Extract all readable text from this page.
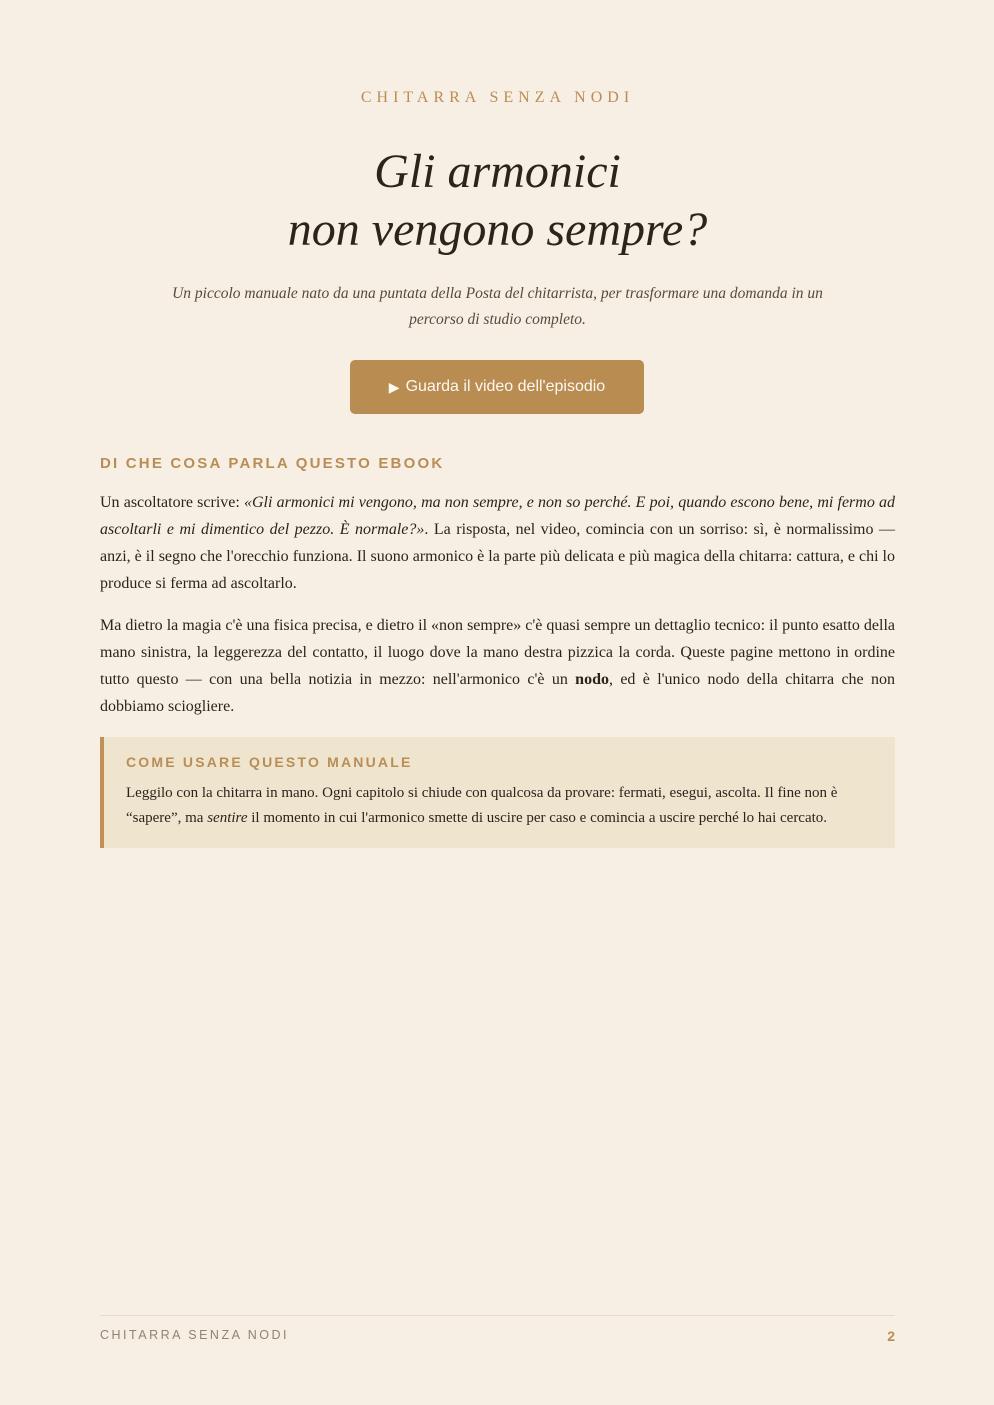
CHITARRA SENZA NODI
Gli armonici
non vengono sempre?

Un piccolo manuale nato da una puntata della Posta del chitarrista, per trasformare una domanda in un percorso di studio completo.

▶ Guarda il video dell'episodio
DI CHE COSA PARLA QUESTO EBOOK

Un ascoltatore scrive: «Gli armonici mi vengono, ma non sempre, e non so perché. E poi, quando escono bene, mi fermo ad ascoltarli e mi dimentico del pezzo. È normale?». La risposta, nel video, comincia con un sorriso: sì, è normalissimo — anzi, è il segno che l'orecchio funziona. Il suono armonico è la parte più delicata e più magica della chitarra: cattura, e chi lo produce si ferma ad ascoltarlo.

Ma dietro la magia c'è una fisica precisa, e dietro il «non sempre» c'è quasi sempre un dettaglio tecnico: il punto esatto della mano sinistra, la leggerezza del contatto, il luogo dove la mano destra pizzica la corda. Queste pagine mettono in ordine tutto questo — con una bella notizia in mezzo: nell'armonico c'è un nodo, ed è l'unico nodo della chitarra che non dobbiamo sciogliere.

COME USARE QUESTO MANUALE

Leggilo con la chitarra in mano. Ogni capitolo si chiude con qualcosa da provare: fermati, esegui, ascolta. Il fine non è “sapere”, ma sentire il momento in cui l'armonico smette di uscire per caso e comincia a uscire perché lo hai cercato.

CHITARRA SENZA NODI	2
